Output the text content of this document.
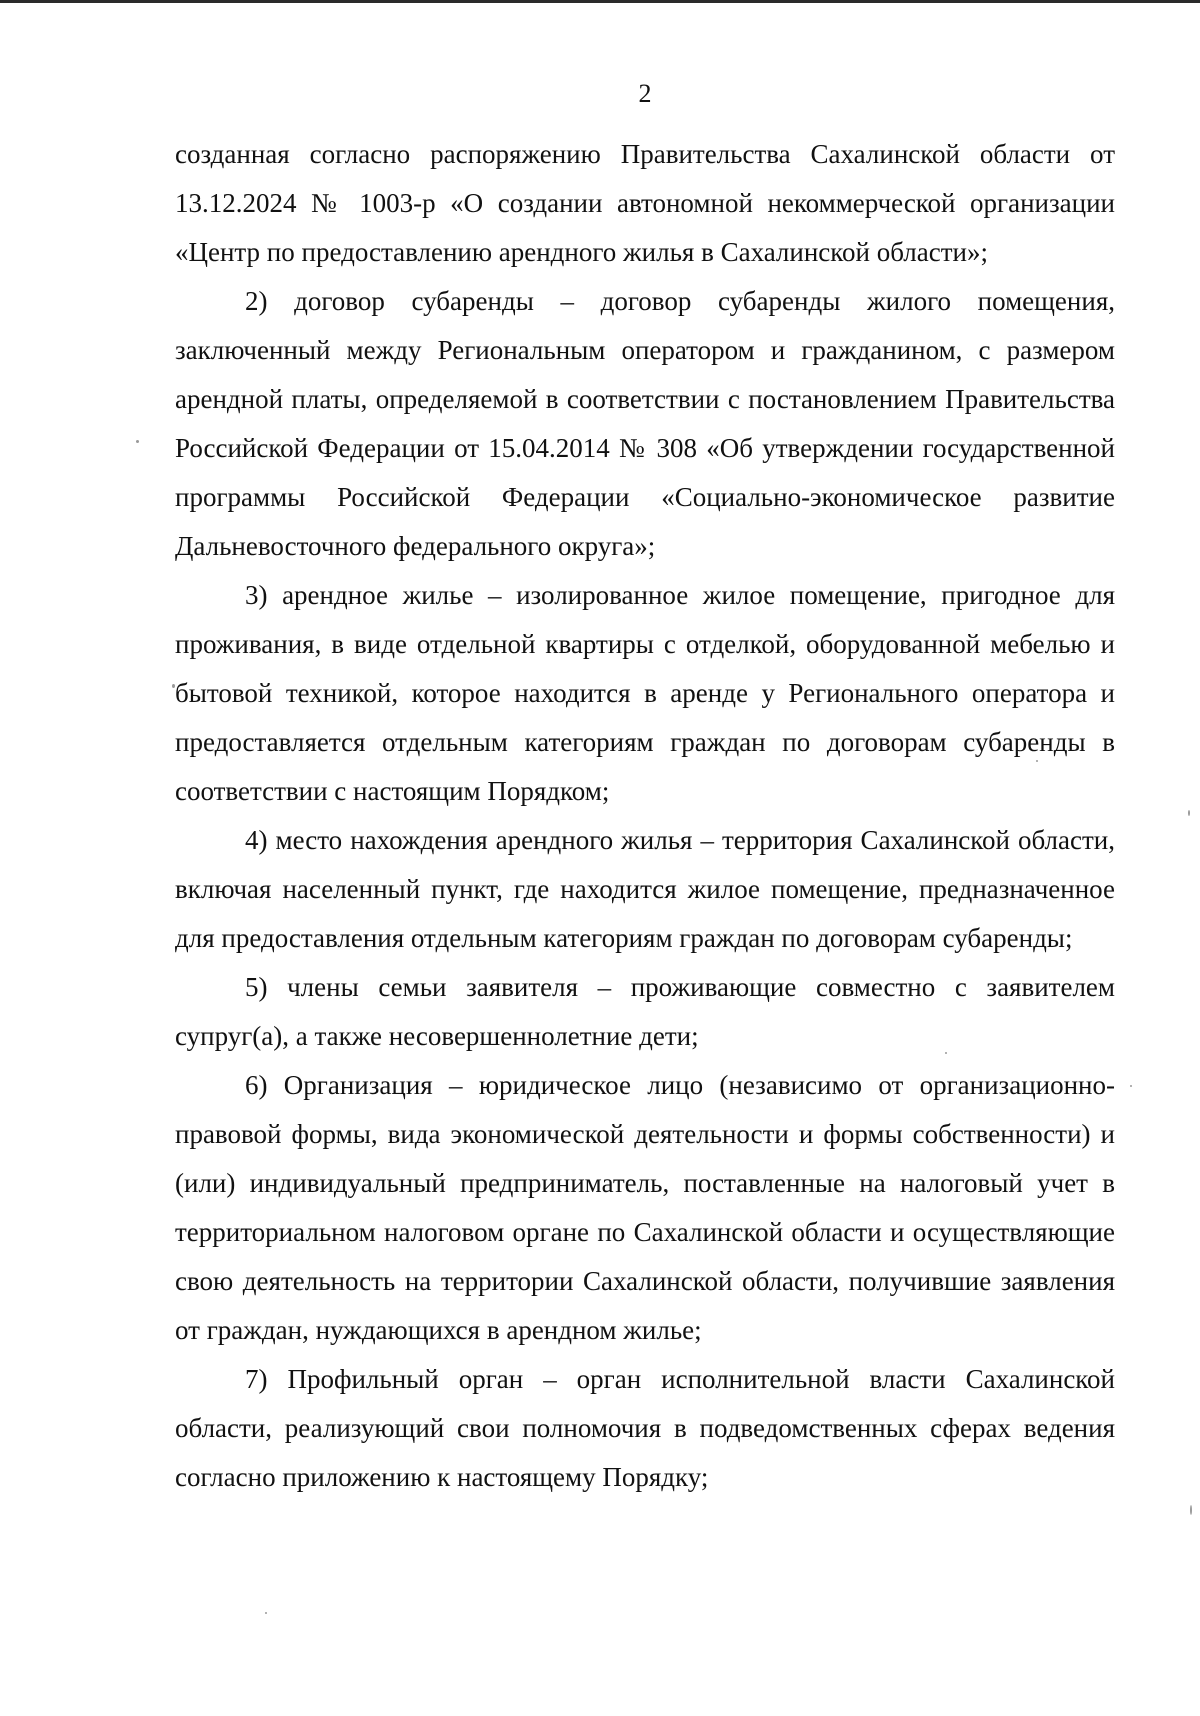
2

созданная согласно распоряжению Правительства Сахалинской области от 13.12.2024 № 1003-р «О создании автономной некоммерческой организации «Центр по предоставлению арендного жилья в Сахалинской области»;

2) договор субаренды – договор субаренды жилого помещения, заключенный между Региональным оператором и гражданином, с размером арендной платы, определяемой в соответствии с постановлением Правительства Российской Федерации от 15.04.2014 № 308 «Об утверждении государственной программы Российской Федерации «Социально-экономическое развитие Дальневосточного федерального округа»;

3) арендное жилье – изолированное жилое помещение, пригодное для проживания, в виде отдельной квартиры с отделкой, оборудованной мебелью и бытовой техникой, которое находится в аренде у Регионального оператора и предоставляется отдельным категориям граждан по договорам субаренды в соответствии с настоящим Порядком;

4) место нахождения арендного жилья – территория Сахалинской области, включая населенный пункт, где находится жилое помещение, предназначенное для предоставления отдельным категориям граждан по договорам субаренды;

5) члены семьи заявителя – проживающие совместно с заявителем супруг(а), а также несовершеннолетние дети;

6) Организация – юридическое лицо (независимо от организационно-правовой формы, вида экономической деятельности и формы собственности) и (или) индивидуальный предприниматель, поставленные на налоговый учет в территориальном налоговом органе по Сахалинской области и осуществляющие свою деятельность на территории Сахалинской области, получившие заявления от граждан, нуждающихся в арендном жилье;

7) Профильный орган – орган исполнительной власти Сахалинской области, реализующий свои полномочия в подведомственных сферах ведения согласно приложению к настоящему Порядку;
